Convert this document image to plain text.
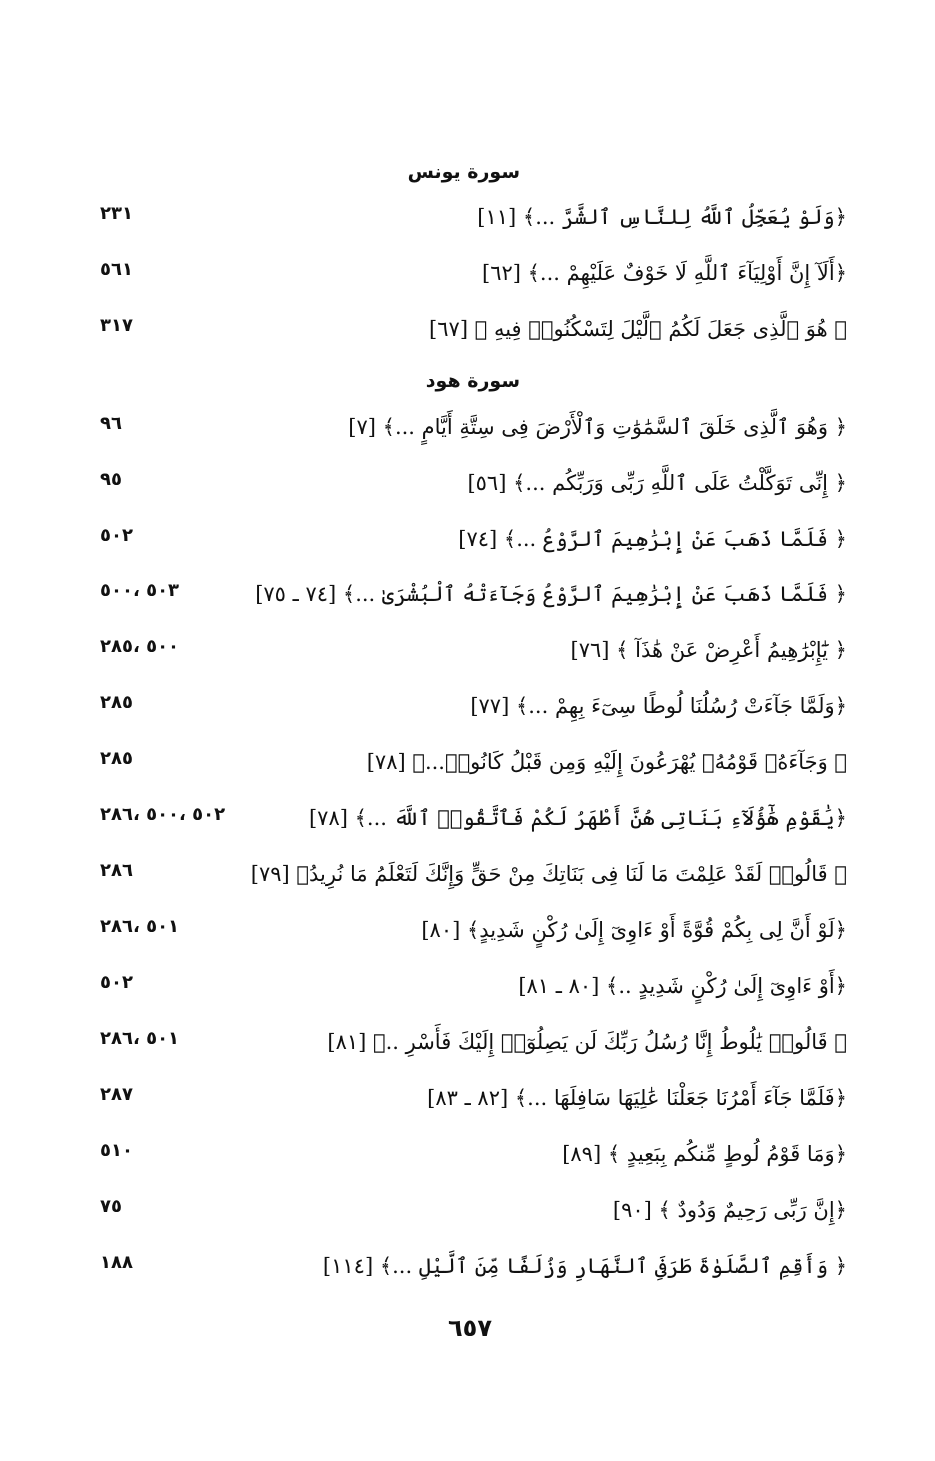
سورة يونس
﴿وَلَوْ يُعَجِّلُ ٱللَّهُ لِلنَّاسِ ٱلشَّرَّ ...﴾ [١١]
٢٣١
﴿أَلَآ إِنَّ أَوْلِيَآءَ ٱللَّهِ لَا خَوْفٌ عَلَيْهِمْ ...﴾ [٦٢]
٥٦١
﴿ هُوَ ٱلَّذِى جَعَلَ لَكُمُ ٱلَّيْلَ لِتَسْكُنُوا۟ فِيهِ ﴾ [٦٧]
٣١٧
سورة هود
﴿ وَهُوَ ٱلَّذِى خَلَقَ ٱلسَّمَٰوَٰتِ وَٱلْأَرْضَ فِى سِتَّةِ أَيَّامٍ ...﴾ [٧]
٩٦
﴿ إِنِّى تَوَكَّلْتُ عَلَى ٱللَّهِ رَبِّى وَرَبِّكُم ...﴾ [٥٦]
٩٥
﴿ فَلَمَّا ذَهَبَ عَنْ إِبْرَٰهِيمَ ٱلرَّوْعُ ...﴾ [٧٤]
٥٠٢
﴿ فَلَمَّا ذَهَبَ عَنْ إِبْرَٰهِيمَ ٱلرَّوْعُ وَجَآءَتْهُ ٱلْبُشْرَىٰ ...﴾ [٧٤ ـ ٧٥]
٥٠٣ ،٥٠٠
﴿ يَٰٓإِبْرَٰهِيمُ أَعْرِضْ عَنْ هَٰذَآ ﴾ [٧٦]
٥٠٠ ،٢٨٥
﴿وَلَمَّا جَآءَتْ رُسُلُنَا لُوطًا سِىٓءَ بِهِمْ ...﴾ [٧٧]
٢٨٥
﴿ وَجَآءَهُۥ قَوْمُهُۥ يُهْرَعُونَ إِلَيْهِ وَمِن قَبْلُ كَانُوا۟...﴾ [٧٨]
٢٨٥
﴿يَٰقَوْمِ هَٰٓؤُلَآءِ بَنَاتِى هُنَّ أَطْهَرُ لَكُمْ فَٱتَّقُوا۟ ٱللَّهَ ...﴾ [٧٨]
٥٠٢ ،٥٠٠ ،٢٨٦
﴿ قَالُوا۟ لَقَدْ عَلِمْتَ مَا لَنَا فِى بَنَاتِكَ مِنْ حَقٍّ وَإِنَّكَ لَتَعْلَمُ مَا نُرِيدُ﴾ [٧٩]
٢٨٦
﴿لَوْ أَنَّ لِى بِكُمْ قُوَّةً أَوْ ءَاوِىٓ إِلَىٰ رُكْنٍ شَدِيدٍ﴾ [٨٠]
٥٠١ ،٢٨٦
﴿أَوْ ءَاوِىٓ إِلَىٰ رُكْنٍ شَدِيدٍ ..﴾ [٨٠ ـ ٨١]
٥٠٢
﴿ قَالُوا۟ يَٰلُوطُ إِنَّا رُسُلُ رَبِّكَ لَن يَصِلُوٓا۟ إِلَيْكَ فَأَسْرِ ..﴾ [٨١]
٥٠١ ،٢٨٦
﴿فَلَمَّا جَآءَ أَمْرُنَا جَعَلْنَا عَٰلِيَهَا سَافِلَهَا ...﴾ [٨٢ ـ ٨٣]
٢٨٧
﴿وَمَا قَوْمُ لُوطٍ مِّنكُم بِبَعِيدٍ ﴾ [٨٩]
٥١٠
﴿إِنَّ رَبِّى رَحِيمٌ وَدُودٌ ﴾ [٩٠]
٧٥
﴿ وَأَقِمِ ٱلصَّلَوٰةَ طَرَفَىِ ٱلنَّهَارِ وَزُلَفًا مِّنَ ٱلَّيْلِ ...﴾ [١١٤]
١٨٨
٦٥٧
